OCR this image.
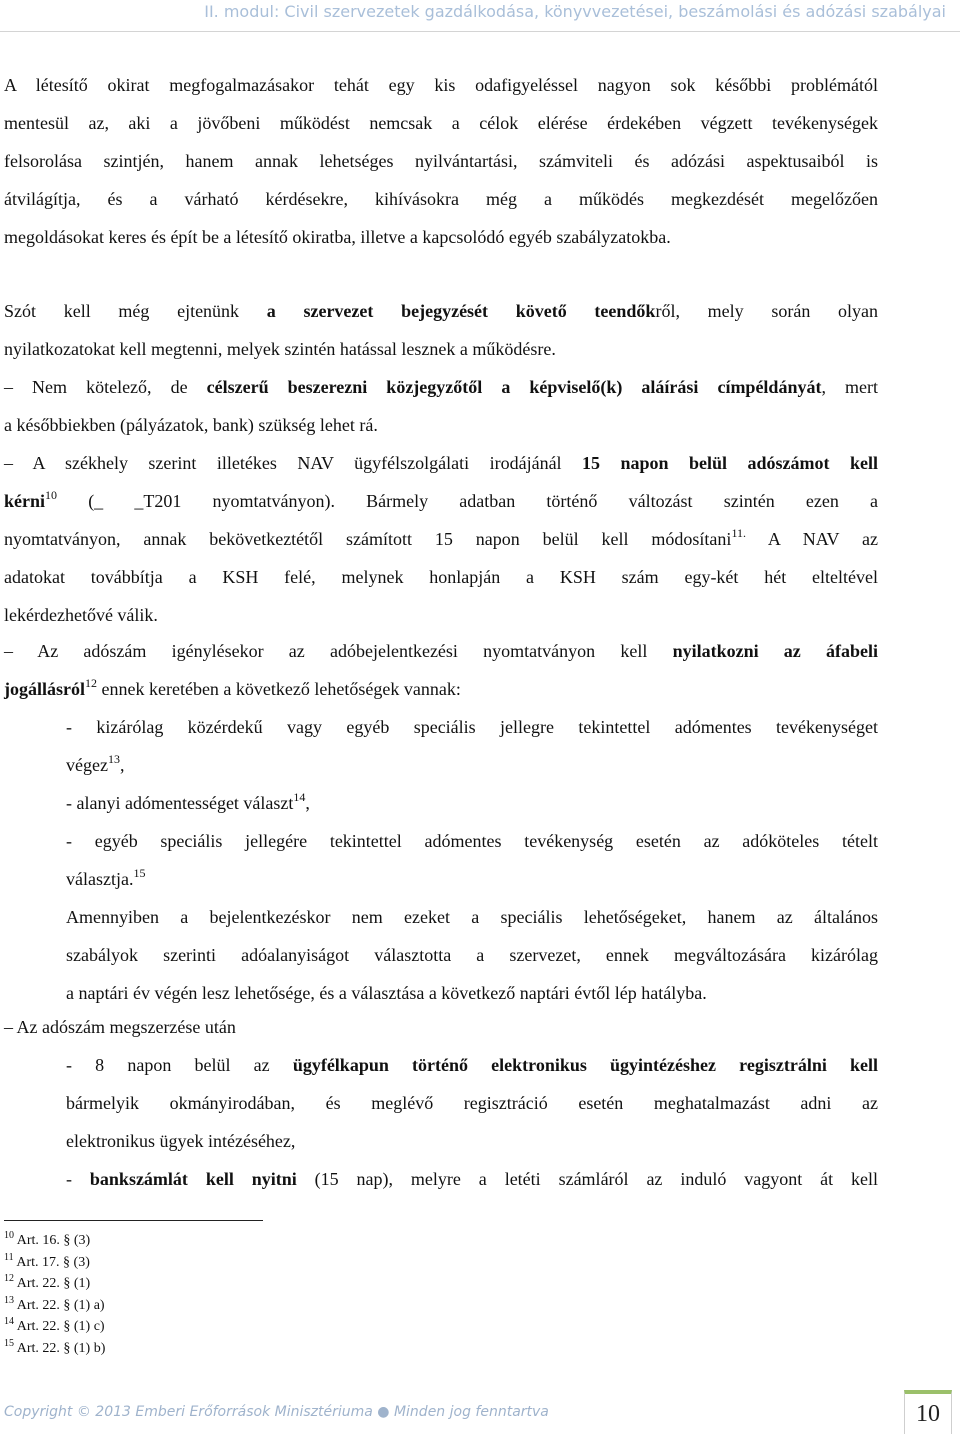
II. modul: Civil szervezetek gazdálkodása, könyvvezetései, beszámolási és adózási szabályai
A létesítő okirat megfogalmazásakor tehát egy kis odafigyeléssel nagyon sok későbbi problémától
mentesül az, aki a jövőbeni működést nemcsak a célok elérése érdekében végzett tevékenységek
felsorolása szintjén, hanem annak lehetséges nyilvántartási, számviteli és adózási aspektusaiból is
átvilágítja, és a várható kérdésekre, kihívásokra még a működés megkezdését megelőzően
megoldásokat keres és épít be a létesítő okiratba, illetve a kapcsolódó egyéb szabályzatokba.
Szót kell még ejtenünk a szervezet bejegyzését követő teendőkről, mely során olyan
nyilatkozatokat kell megtenni, melyek szintén hatással lesznek a működésre.
– Nem kötelező, de célszerű beszerezni közjegyzőtől a képviselő(k) aláírási címpéldányát, mert
a későbbiekben (pályázatok, bank) szükség lehet rá.
– A székhely szerint illetékes NAV ügyfélszolgálati irodájánál 15 napon belül adószámot kell
kérni$^{10}$ (_ _T201 nyomtatványon). Bármely adatban történő változást szintén ezen a
nyomtatványon, annak bekövetkeztétől számított 15 napon belül kell módosítani$^{11.}$ A NAV az
adatokat továbbítja a KSH felé, melynek honlapján a KSH szám egy-két hét elteltével
lekérdezhetővé válik.
– Az adószám igénylésekor az adóbejelentkezési nyomtatványon kell nyilatkozni az áfabeli
jogállásról$^{12}$ ennek keretében a következő lehetőségek vannak:
- kizárólag közérdekű vagy egyéb speciális jellegre tekintettel adómentes tevékenységet
végez$^{13}$,
- alanyi adómentességet választ$^{14}$,
- egyéb speciális jellegére tekintettel adómentes tevékenység esetén az adóköteles tételt
választja.$^{15}$
Amennyiben a bejelentkezéskor nem ezeket a speciális lehetőségeket, hanem az általános
szabályok szerinti adóalanyiságot választotta a szervezet, ennek megváltozására kizárólag
a naptári év végén lesz lehetősége, és a választása a következő naptári évtől lép hatályba.
– Az adószám megszerzése után
- 8 napon belül az ügyfélkapun történő elektronikus ügyintézéshez regisztrálni kell
bármelyik okmányirodában, és meglévő regisztráció esetén meghatalmazást adni az
elektronikus ügyek intézéséhez,
- bankszámlát kell nyitni (15 nap), melyre a letéti számláról az induló vagyont át kell
$^{10}$ Art. 16. § (3)
$^{11}$ Art. 17. § (3)
$^{12}$ Art. 22. § (1)
$^{13}$ Art. 22. § (1) a)
$^{14}$ Art. 22. § (1) c)
$^{15}$ Art. 22. § (1) b)
Copyright © 2013 Emberi Erőforrások Minisztériuma ● Minden jog fenntartva	10
